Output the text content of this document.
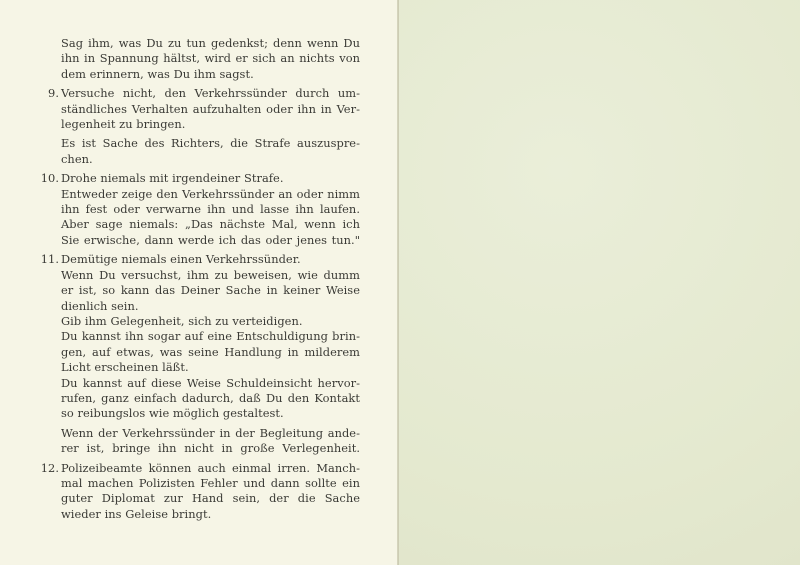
Sag ihm, was Du zu tun gedenkst; denn wenn Du
ihn in Spannung hältst, wird er sich an nichts von
dem erinnern, was Du ihm sagst.
9. Versuche nicht, den Verkehrssünder durch um-
ständliches Verhalten aufzuhalten oder ihn in Ver-
legenheit zu bringen.

Es ist Sache des Richters, die Strafe auszuspre-
chen.

10. Drohe niemals mit irgendeiner Strafe.
Entweder zeige den Verkehrssünder an oder nimm
ihn fest oder verwarne ihn und lasse ihn laufen.
Aber sage niemals: „Das nächste Mal, wenn ich
Sie erwische, dann werde ich das oder jenes tun."

11. Demütige niemals einen Verkehrssünder.
Wenn Du versuchst, ihm zu beweisen, wie dumm
er ist, so kann das Deiner Sache in keiner Weise
dienlich sein.
Gib ihm Gelegenheit, sich zu verteidigen.
Du kannst ihn sogar auf eine Entschuldigung brin-
gen, auf etwas, was seine Handlung in milderem
Licht erscheinen läßt.
Du kannst auf diese Weise Schuldeinsicht hervor-
rufen, ganz einfach dadurch, daß Du den Kontakt
so reibungslos wie möglich gestaltest.

Wenn der Verkehrssünder in der Begleitung ande-
rer ist, bringe ihn nicht in große Verlegenheit.

12. Polizeibeamte können auch einmal irren. Manch-
mal machen Polizisten Fehler und dann sollte ein
guter Diplomat zur Hand sein, der die Sache
wieder ins Geleise bringt.
